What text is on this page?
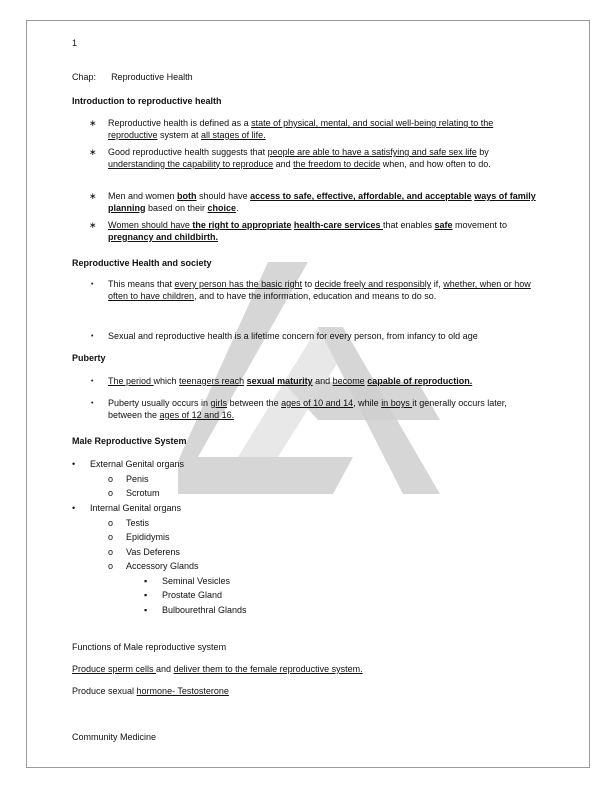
1
Chap: Reproductive Health
Introduction to reproductive health
∗ Reproductive health is defined as a state of physical, mental, and social well-being relating to the reproductive system at all stages of life.
∗ Good reproductive health suggests that people are able to have a satisfying and safe sex life by understanding the capability to reproduce and the freedom to decide when, and how often to do.
∗ Men and women both should have access to safe, effective, affordable, and acceptable ways of family planning based on their choice.
∗ Women should have the right to appropriate health-care services that enables safe movement to pregnancy and childbirth.
Reproductive Health and society
• This means that every person has the basic right to decide freely and responsibly if, whether, when or how often to have children, and to have the information, education and means to do so.
• Sexual and reproductive health is a lifetime concern for every person, from infancy to old age
Puberty
• The period which teenagers reach sexual maturity and become capable of reproduction.
• Puberty usually occurs in girls between the ages of 10 and 14, while in boys it generally occurs later, between the ages of 12 and 16.
Male Reproductive System
• External Genital organs
o Penis
o Scrotum
• Internal Genital organs
o Testis
o Epididymis
o Vas Deferens
o Accessory Glands
▪ Seminal Vesicles
▪ Prostate Gland
▪ Bulbourethral Glands
Functions of Male reproductive system
Produce sperm cells and deliver them to the female reproductive system.
Produce sexual hormone- Testosterone
Community Medicine
